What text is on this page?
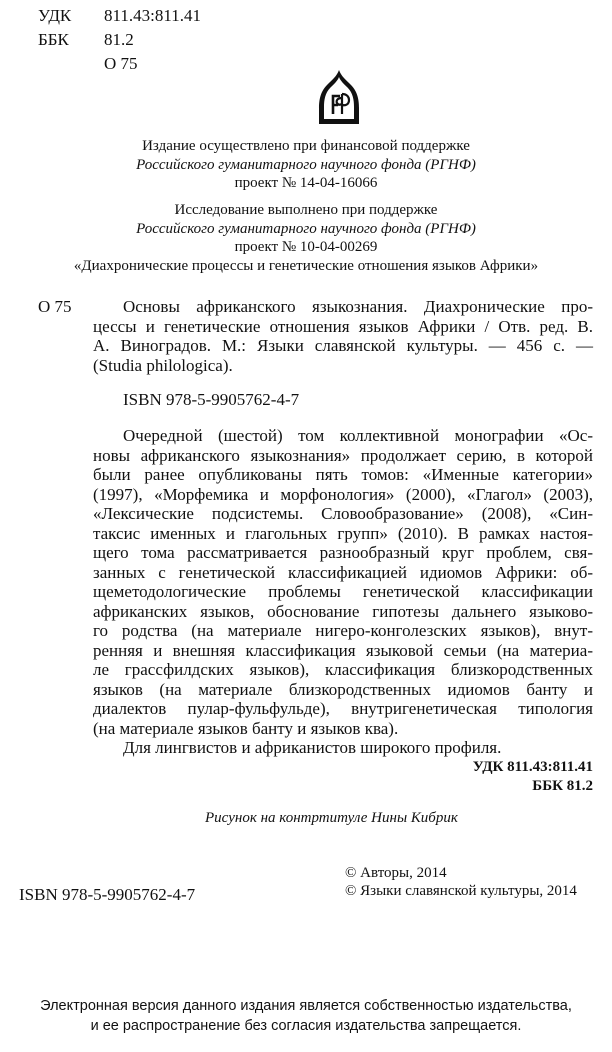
УДК 811.43:811.41
ББК 81.2
О 75
Издание осуществлено при финансовой поддержке
Российского гуманитарного научного фонда (РГНФ)
проект № 14-04-16066
Исследование выполнено при поддержке
Российского гуманитарного научного фонда (РГНФ)
проект № 10-04-00269
«Диахронические процессы и генетические отношения языков Африки»
О 75	Основы африканского языкознания. Диахронические про-
цессы и генетические отношения языков Африки / Отв. ред. В.
А. Виноградов. М.: Языки славянской культуры. — 456 с. —
(Studia philologica).
ISBN 978-5-9905762-4-7
Очередной (шестой) том коллективной монографии «Ос-
новы африканского языкознания» продолжает серию, в которой
были ранее опубликованы пять томов: «Именные категории»
(1997), «Морфемика и морфонология» (2000), «Глагол» (2003),
«Лексические подсистемы. Словообразование» (2008), «Син-
таксис именных и глагольных групп» (2010). В рамках настоя-
щего тома рассматривается разнообразный круг проблем, свя-
занных с генетической классификацией идиомов Африки: об-
щеметодологические проблемы генетической классификации
африканских языков, обоснование гипотезы дальнего языково-
го родства (на материале нигеро-конголезских языков), внут-
ренняя и внешняя классификация языковой семьи (на материа-
ле грассфилдских языков), классификация близкородственных
языков (на материале близкородственных идиомов банту и
диалектов пулар-фульфульде), внутригенетическая типология
(на материале языков банту и языков ква).
Для лингвистов и африканистов широкого профиля.
УДК 811.43:811.41
ББК 81.2
Рисунок на контртитуле Нины Кибрик
© Авторы, 2014
© Языки славянской культуры, 2014
ISBN 978-5-9905762-4-7
Электронная версия данного издания является собственностью издательства,
и ее распространение без согласия издательства запрещается.
